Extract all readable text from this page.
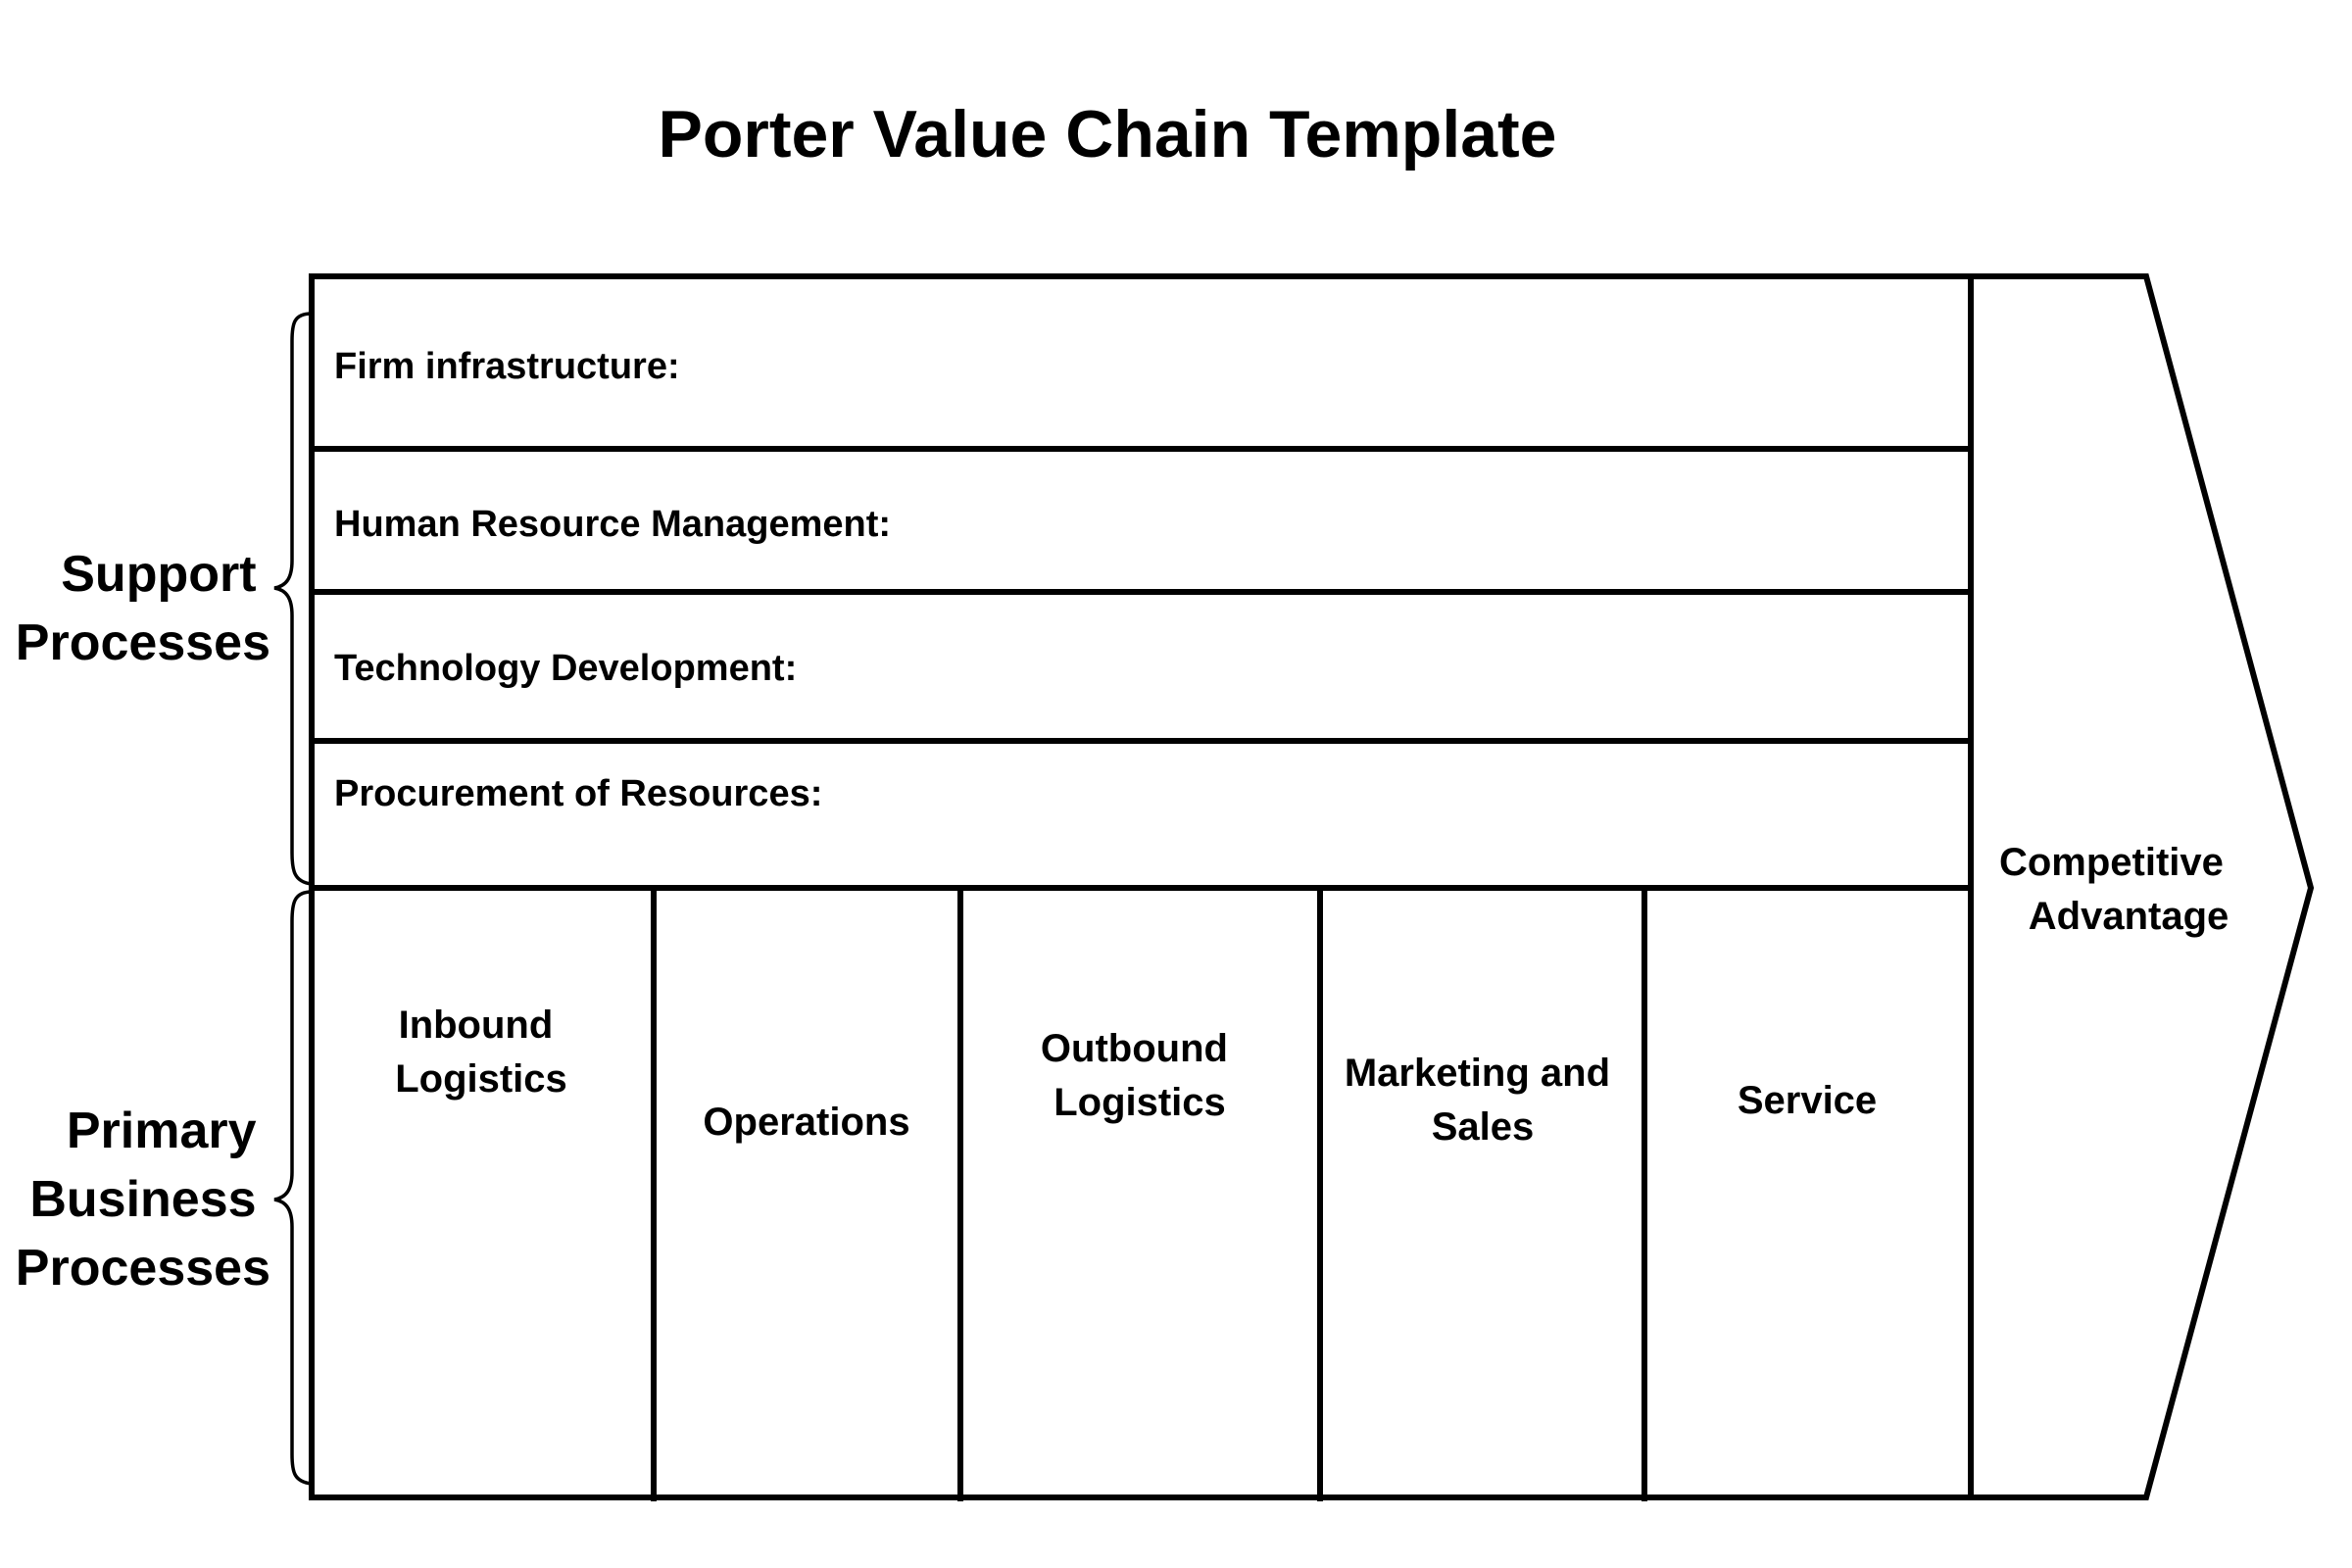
Porter Value Chain Template
Firm infrastructure:
Human Resource Management:
Technology Development:
Procurement of Resources:
Inbound Logistics
Operations
Outbound Logistics
Marketing and Sales
Service
Competitive Advantage
Support Processes
Primary Business Processes
